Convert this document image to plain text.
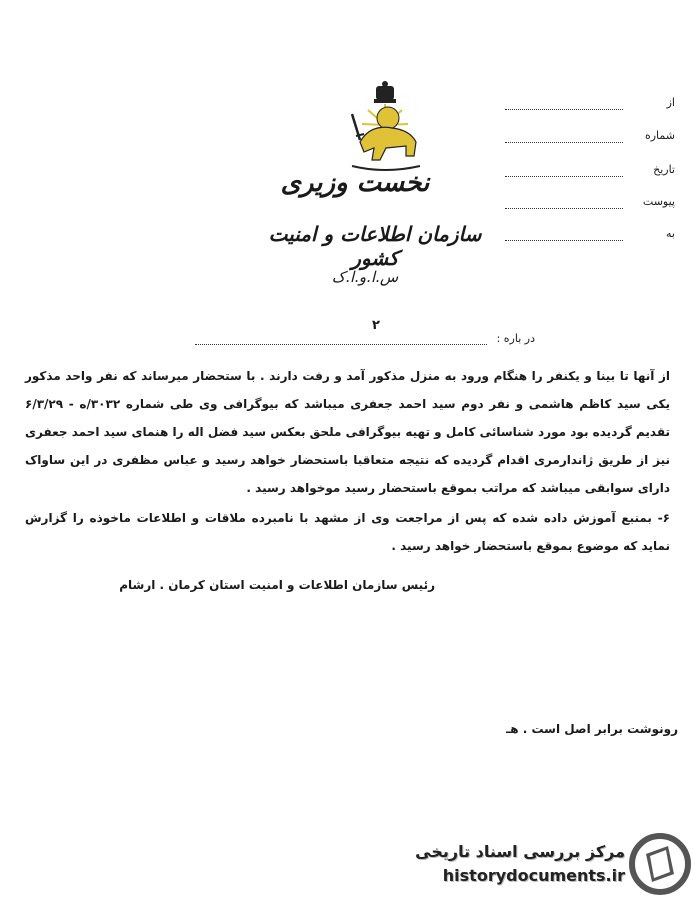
نخست وزیری
سازمان اطلاعات و امنیت کشور
س.ا.و.ا.ک
از
شماره
تاریخ
پیوست
به
۲
در باره :

از آنها تا بینا و یکنفر را هنگام ورود به منزل مذکور آمد و رفت دارند . با ستحضار میرساند که نفر واحد مذکور یکی سید کاظم هاشمی و نفر دوم سید احمد جعفری میباشد که بیوگرافی وی طی شماره ۳۰۳۲/ه - ۶/۳/۲۹ تقدیم گردیده بود مورد شناسائی کامل و تهیه بیوگرافی ملحق بعکس سید فضل اله را هنمای سید احمد جعفری نیز از طریق ژاندارمری اقدام گردیده که نتیجه متعاقبا باستحضار خواهد رسید و عباس مظفری در این ساواک دارای سوابقی میباشد که مراتب بموقع باستحضار رسید موخواهد رسید .

۶- بمنبع آموزش داده شده که پس از مراجعت وی از مشهد با نامبرده ملاقات و اطلاعات ماخوذه را گزارش نماید که موضوع بموقع باستحضار خواهد رسید .

رئیس سازمان اطلاعات و امنیت استان کرمان . ارشام
رونوشت برابر اصل است . هـ
مرکز بررسی اسناد تاریخی
historydocuments.ir
